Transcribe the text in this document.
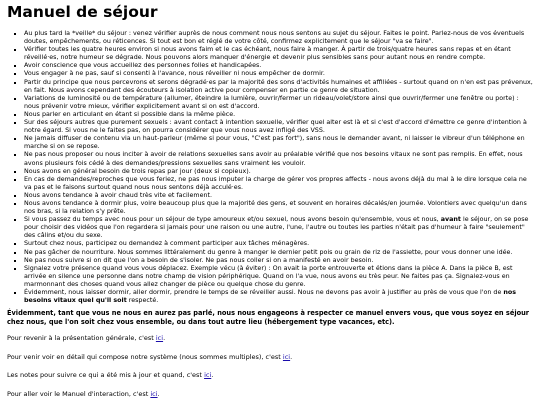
Manuel de séjour
▪ Au plus tard la *veille* du séjour : venez vérifier auprès de nous comment nous nous sentons au sujet du séjour. Faites le point. Parlez-nous de vos éventuels doutes, empêchements, ou réticences. Si tout est bon et réglé de votre côté, confirmez explicitement que le séjour "va se faire".
▪ Vérifier toutes les quatre heures environ si nous avons faim et le cas échéant, nous faire à manger. À partir de trois/quatre heures sans repas et en étant réveillé·es, notre humeur se dégrade. Nous pouvons alors manquer d'énergie et devenir plus sensibles sans pour autant nous en rendre compte.
▪ Avoir conscience que vous accueillez des personnes folles et handicapées.
▪ Vous engager à ne pas, sauf si consenti à l'avance, nous réveiller ni nous empêcher de dormir.
▪ Partir du principe que nous percevrons et serons dégradé·es par la majorité des sons d'activités humaines et affiliées - surtout quand on n'en est pas prévenux, en fait. Nous avons cependant des écouteurs à isolation active pour compenser en partie ce genre de situation.
▪ Variations de luminosité ou de température (allumer, éteindre la lumière, ouvrir/fermer un rideau/volet/store ainsi que ouvrir/fermer une fenêtre ou porte) : nous prévenir votre mieux, vérifier explicitement avant si on est d'accord.
▪ Nous parler en articulant en étant si possible dans la même pièce.
▪ Sur des séjours autres que purement sexuels : avant contact à intention sexuelle, vérifier quel alter est là et si c'est d'accord d'émettre ce genre d'intention à notre égard. Si vous ne le faites pas, on pourra considérer que vous nous avez infligé des VSS.
▪ Ne jamais diffuser de contenu via un haut-parleur (même si pour vous, "C'est pas fort"), sans nous le demander avant, ni laisser le vibreur d'un téléphone en marche si on se repose.
▪ Ne pas nous proposer ou nous inciter à avoir de relations sexuelles sans avoir au préalable vérifié que nos besoins vitaux ne sont pas remplis. En effet, nous avons plusieurs fois cédé à des demandes/pressions sexuelles sans vraiment les vouloir.
▪ Nous avons en général besoin de trois repas par jour (deux si copieux).
▪ En cas de demandes/reproches que vous feriez, ne pas nous imputer la charge de gérer vos propres affects - nous avons déjà du mal à le dire lorsque cela ne va pas et le faisons surtout quand nous nous sentons déjà acculé·es.
▪ Nous avons tendance à avoir chaud très vite et facilement.
▪ Nous avons tendance à dormir plus, voire beaucoup plus que la majorité des gens, et souvent en horaires décalés/en journée. Volontiers avec quelqu'un dans nos bras, si la relation s'y prête.
▪ Si vous passez du temps avec nous pour un séjour de type amoureux et/ou sexuel, nous avons besoin qu'ensemble, vous et nous, avant le séjour, on se pose pour choisir des vidéos que l'on regardera si jamais pour une raison ou une autre, l'une, l'autre ou toutes les parties n'était pas d'humeur à faire "seulement" des câlins et/ou du sexe.
▪ Surtout chez nous, participez ou demandez à comment participer aux tâches ménagères.
▪ Ne pas gâcher de nourriture. Nous sommes littéralement du genre à manger le dernier petit pois ou grain de riz de l'assiette, pour vous donner une idée.
▪ Ne pas nous suivre si on dit que l'on a besoin de s'isoler. Ne pas nous coller si on a manifesté en avoir besoin.
▪ Signalez votre présence quand vous vous déplacez. Exemple vécu (à éviter) : On avait la porte entrouverte et étions dans la pièce A. Dans la pièce B, est arrivée en silence une personne dans notre champ de vision périphérique. Quand on l'a vue, nous avons eu très peur. Ne faites pas ça. Signalez-vous en marmonnant des choses quand vous allez changer de pièce ou quelque chose du genre.
▪ Évidemment, nous laisser dormir, aller dormir, prendre le temps de se réveiller aussi. Nous ne devons pas avoir à justifier au près de vous que l'on de nos besoins vitaux quel qu'il soit respecté.

Évidemment, tant que vous ne nous en aurez pas parlé, nous nous engageons à respecter ce manuel envers vous, que vous soyez en séjour chez nous, que l'on soit chez vous ensemble, ou dans tout autre lieu (hébergement type vacances, etc).

Pour revenir à la présentation générale, c'est ici.

Pour venir voir en détail qui compose notre système (nous sommes multiples), c'est ici.

Les notes pour suivre ce qui a été mis à jour et quand, c'est ici.

Pour aller voir le Manuel d'interaction, c'est ici.
